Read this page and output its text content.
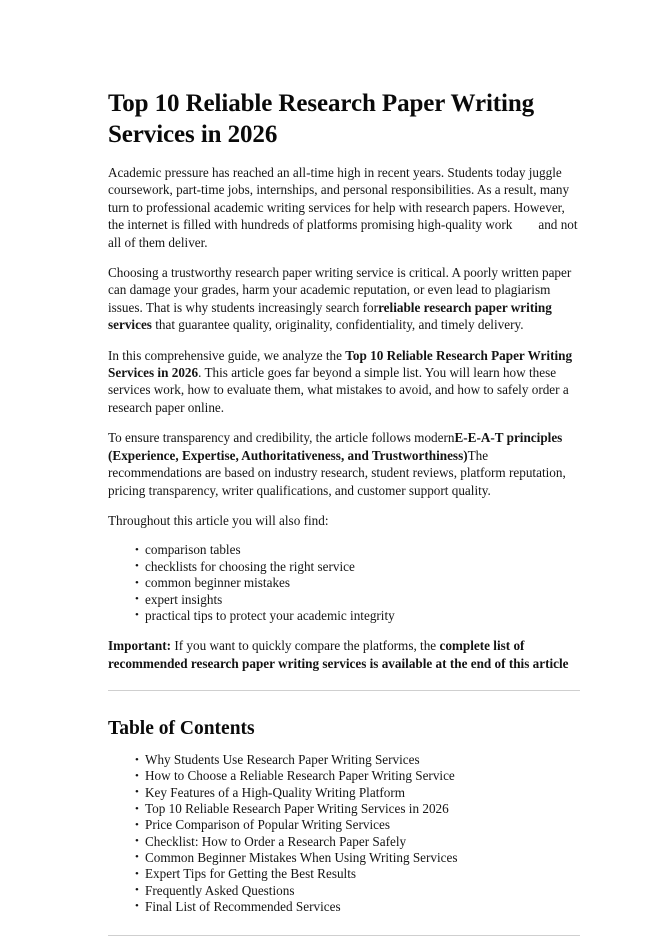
Top 10 Reliable Research Paper Writing Services in 2026

Academic pressure has reached an all-time high in recent years. Students today juggle coursework, part-time jobs, internships, and personal responsibilities. As a result, many turn to professional academic writing services for help with research papers. However, the internet is filled with hundreds of platforms promising high-quality work and not all of them deliver.

Choosing a trustworthy research paper writing service is critical. A poorly written paper can damage your grades, harm your academic reputation, or even lead to plagiarism issues. That is why students increasingly search forreliable research paper writing services that guarantee quality, originality, confidentiality, and timely delivery.

In this comprehensive guide, we analyze the Top 10 Reliable Research Paper Writing Services in 2026. This article goes far beyond a simple list. You will learn how these services work, how to evaluate them, what mistakes to avoid, and how to safely order a research paper online.

To ensure transparency and credibility, the article follows modernE-E-A-T principles (Experience, Expertise, Authoritativeness, and Trustworthiness)The recommendations are based on industry research, student reviews, platform reputation, pricing transparency, writer qualifications, and customer support quality.

Throughout this article you will also find:

• comparison tables
• checklists for choosing the right service
• common beginner mistakes
• expert insights
• practical tips to protect your academic integrity

Important: If you want to quickly compare the platforms, the complete list of recommended research paper writing services is available at the end of this article

Table of Contents
• Why Students Use Research Paper Writing Services
• How to Choose a Reliable Research Paper Writing Service
• Key Features of a High-Quality Writing Platform
• Top 10 Reliable Research Paper Writing Services in 2026
• Price Comparison of Popular Writing Services
• Checklist: How to Order a Research Paper Safely
• Common Beginner Mistakes When Using Writing Services
• Expert Tips for Getting the Best Results
• Frequently Asked Questions
• Final List of Recommended Services
